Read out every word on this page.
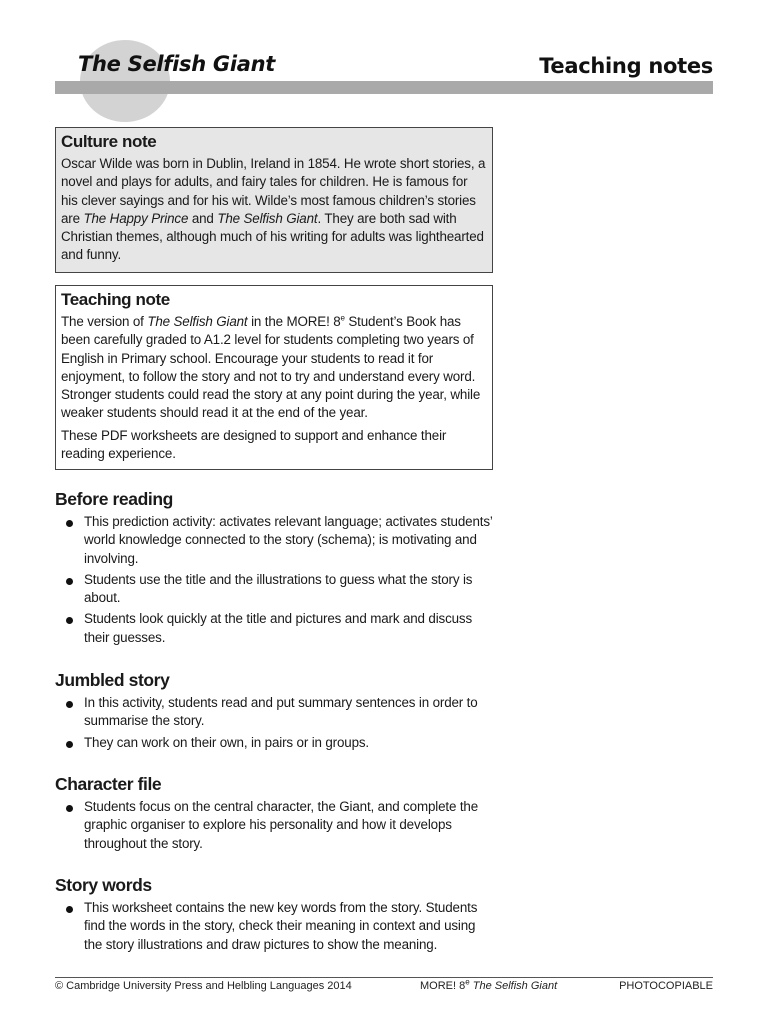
The Selfish Giant	Teaching notes
Culture note

Oscar Wilde was born in Dublin, Ireland in 1854. He wrote short stories, a novel and plays for adults, and fairy tales for children. He is famous for his clever sayings and for his wit. Wilde’s most famous children’s stories are The Happy Prince and The Selfish Giant. They are both sad with Christian themes, although much of his writing for adults was lighthearted and funny.

Teaching note

The version of The Selfish Giant in the MORE! 8e Student’s Book has been carefully graded to A1.2 level for students completing two years of English in Primary school. Encourage your students to read it for enjoyment, to follow the story and not to try and understand every word. Stronger students could read the story at any point during the year, while weaker students should read it at the end of the year.

These PDF worksheets are designed to support and enhance their reading experience.

Before reading
This prediction activity: activates relevant language; activates students’ world knowledge connected to the story (schema); is motivating and involving.
Students use the title and the illustrations to guess what the story is about.
Students look quickly at the title and pictures and mark and discuss their guesses.
Jumbled story
In this activity, students read and put summary sentences in order to summarise the story.
They can work on their own, in pairs or in groups.
Character file
Students focus on the central character, the Giant, and complete the graphic organiser to explore his personality and how it develops throughout the story.
Story words
This worksheet contains the new key words from the story. Students find the words in the story, check their meaning in context and using the story illustrations and draw pictures to show the meaning.
© Cambridge University Press and Helbling Languages 2014	MORE! 8e The Selfish Giant	PHOTOCOPIABLE
